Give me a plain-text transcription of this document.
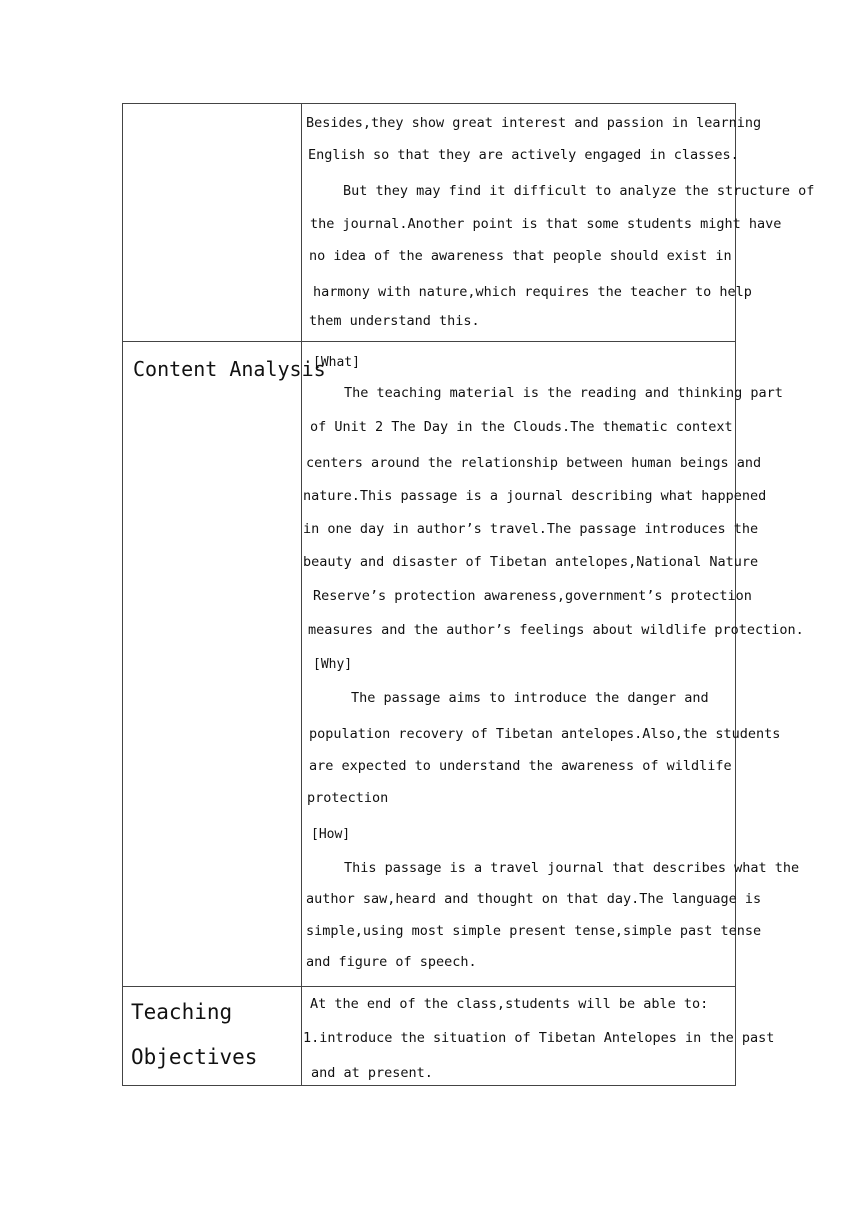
Besides,they show great interest and passion in learning
English so that they are actively engaged in classes.
But they may find it difficult to analyze the structure of
the journal.Another point is that some students might have
no idea of the awareness that people should exist in
harmony with nature,which requires the teacher to help
them understand this.
Content Analysis
[What]
The teaching material is the reading and thinking part
of Unit 2 The Day in the Clouds.The thematic context
centers around the relationship between human beings and
nature.This passage is a journal describing what happened
in one day in author’s travel.The passage introduces the
beauty and disaster of Tibetan antelopes,National Nature
Reserve’s protection awareness,government’s protection
measures and the author’s feelings about wildlife protection.
[Why]
The passage aims to introduce the danger and
population recovery of Tibetan antelopes.Also,the students
are expected to understand the awareness of wildlife
protection
[How]
This passage is a travel journal that describes what the
author saw,heard and thought on that day.The language is
simple,using most simple present tense,simple past tense
and figure of speech.
Teaching
Objectives
At the end of the class,students will be able to:
1.introduce the situation of Tibetan Antelopes in the past
and at present.
